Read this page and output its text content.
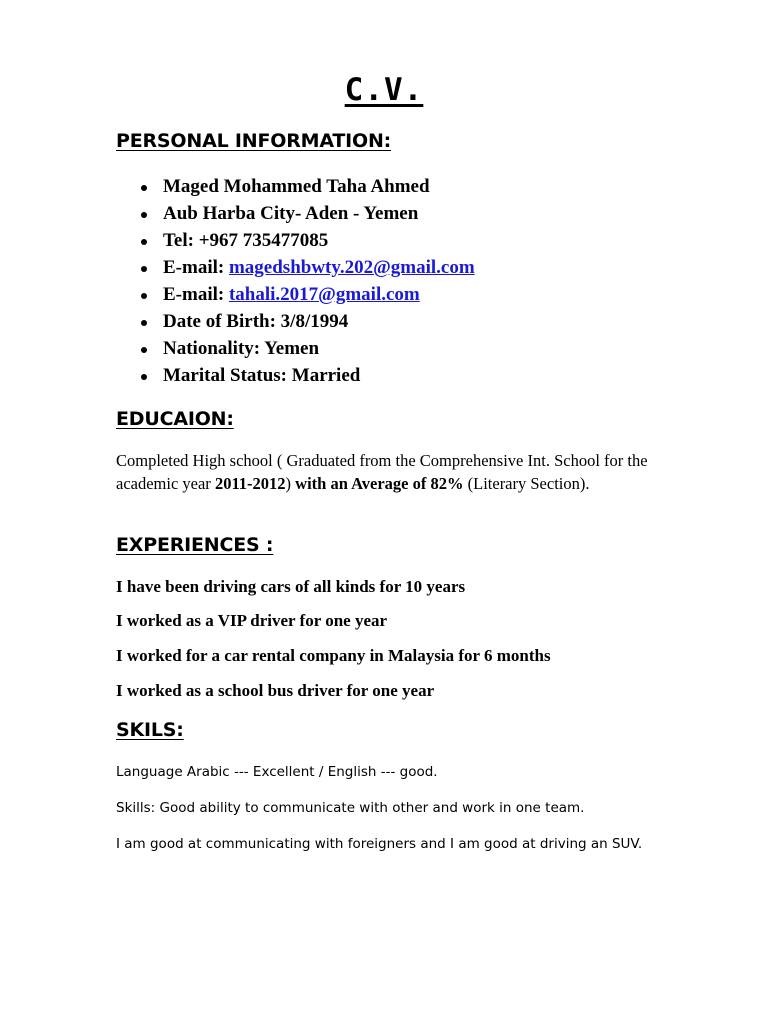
C.V.
PERSONAL INFORMATION:
Maged Mohammed Taha Ahmed
Aub Harba City- Aden - Yemen
Tel: +967 735477085
E-mail: magedshbwty.202@gmail.com
E-mail: tahali.2017@gmail.com
Date of Birth: 3/8/1994
Nationality: Yemen
Marital Status: Married
EDUCAION:
Completed High school ( Graduated from the Comprehensive Int. School for the academic year 2011-2012) with an Average of 82% (Literary Section).
EXPERIENCES :
I have been driving cars of all kinds for 10 years
I worked as a VIP driver for one year
I worked for a car rental company in Malaysia for 6 months
I worked as a school bus driver for one year
SKILS:
Language Arabic --- Excellent / English --- good.
Skills: Good ability to communicate with other and work in one team.
I am good at communicating with foreigners and I am good at driving an SUV.
